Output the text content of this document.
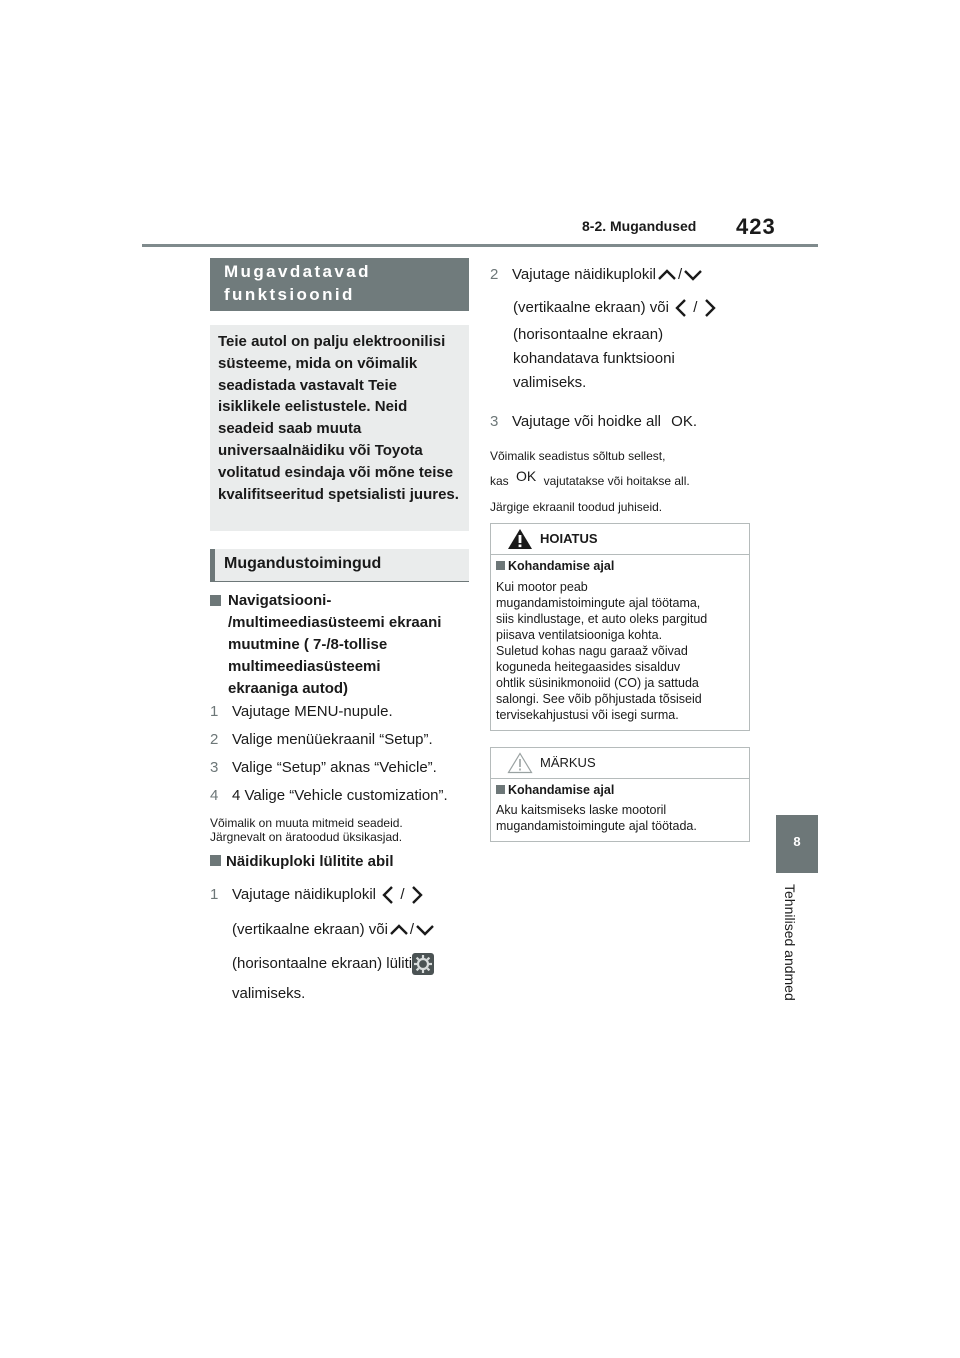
8-2. Mugandused 423
8
Tehnilised andmed
Mugavdatavad funktsioonid
Teie autol on palju elektroonilisi süsteeme, mida on võimalik seadistada vastavalt Teie isiklikele eelistustele. Neid seadeid saab muuta universaalnäidiku või Toyota volitatud esindaja või mõne teise kvalifitseeritud spetsialisti juures.
Mugandustoimingud
Navigatsiooni-
/multimeediasüsteemi ekraani
muutmine ( 7-/8-tollise
multimeediasüsteemi
ekraaniga autod)
1 Vajutage MENU-nupule.
2 Valige menüüekraanil “Setup”.
3 Valige “Setup” aknas “Vehicle”.
4 4 Valige “Vehicle customization”.
Võimalik on muuta mitmeid seadeid.
Järgnevalt on äratoodud üksikasjad.
Näidikuploki lülitite abil
1 Vajutage näidikuplokil /
(vertikaalne ekraan) või /
(horisontaalne ekraan) lüliti
valimiseks.
2 Vajutage näidikuplokil /
(vertikaalne ekraan) või /
(horisontaalne ekraan)
kohandatava funktsiooni
valimiseks.
3 Vajutage või hoidke all OK.
Võimalik seadistus sõltub sellest,
kas OK vajutatakse või hoitakse all.
Järgige ekraanil toodud juhiseid.
HOIATUS
Kohandamise ajal
Kui mootor peab
mugandamistoimingute ajal töötama,
siis kindlustage, et auto oleks pargitud
piisava ventilatsiooniga kohta.
Suletud kohas nagu garaaž võivad
koguneda heitegaasides sisalduv
ohtlik süsinikmonoiid (CO) ja sattuda
salongi. See võib põhjustada tõsiseid
tervisekahjustusi või isegi surma.
MÄRKUS
Kohandamise ajal
Aku kaitsmiseks laske mootoril
mugandamistoimingute ajal töötada.
